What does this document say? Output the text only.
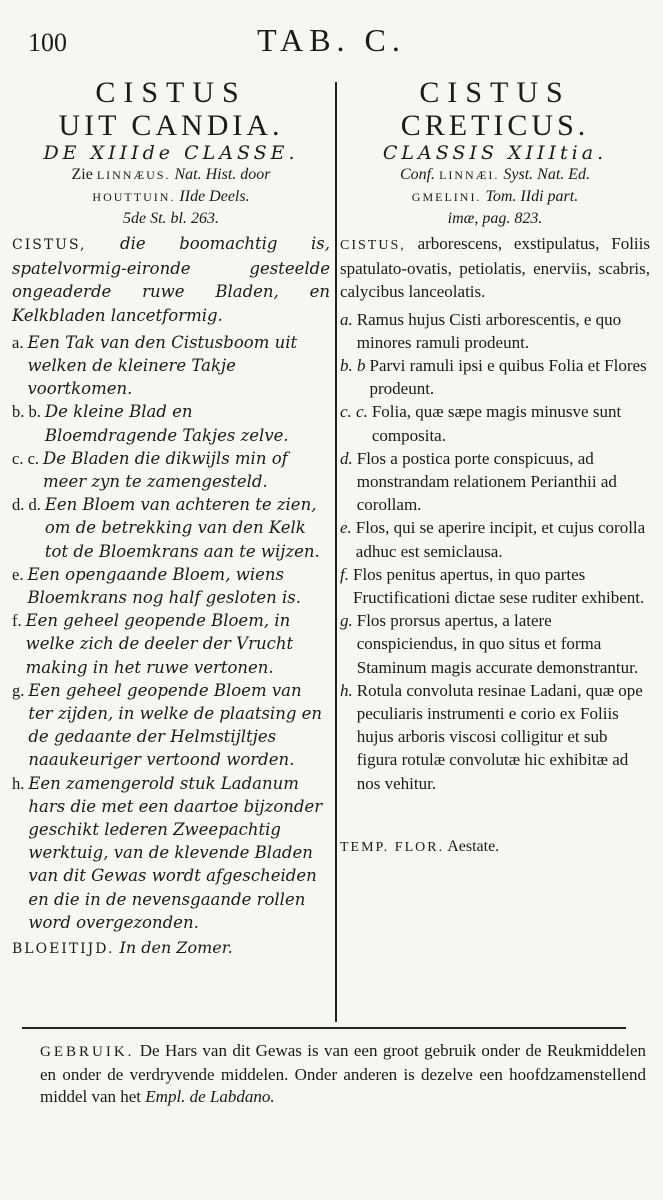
100	TAB. C.
CISTUS
UIT CANDIA.
DE XIIIde CLASSE.
Zie LINNÆUS. Nat. Hist. door
HOUTTUIN. IIde Deels.
5de St. bl. 263.

CISTUS, die boomachtig is, spatelvormig-eironde gesteelde ongeaderde ruwe Bladen, en Kelkbladen lancetformig.

a. Een Tak van den Cistusboom uit welken de kleinere Takje voortkomen.
b. b. De kleine Blad en Bloemdragende Takjes zelve.
c. c. De Bladen die dikwijls min of meer zyn te zamengesteld.
d. d. Een Bloem van achteren te zien, om de betrekking van den Kelk tot de Bloemkrans aan te wijzen.
e. Een opengaande Bloem, wiens Bloemkrans nog half gesloten is.
f. Een geheel geopende Bloem, in welke zich de deeler der Vrucht making in het ruwe vertonen.
g. Een geheel geopende Bloem van ter zijden, in welke de plaatsing en de gedaante der Helmstijltjes naaukeuriger vertoond worden.
h. Een zamengerold stuk Ladanum hars die met een daartoe bijzonder geschikt lederen Zweepachtig werktuig, van de klevende Bladen van dit Gewas wordt afgescheiden en die in de nevensgaande rollen word overgezonden.
BLOEITIJD. In den Zomer.
CISTUS
CRETICUS.
CLASSIS XIIItia.
Conf. LINNÆI. Syst. Nat. Ed.
GMELINI. Tom. IIdi part.
imæ, pag. 823.

CISTUS, arborescens, exstipulatus, Foliis spatulato-ovatis, petiolatis, enerviis, scabris, calycibus lanceolatis.

a. Ramus hujus Cisti arborescentis, e quo minores ramuli prodeunt.
b. b Parvi ramuli ipsi e quibus Folia et Flores prodeunt.
c. c. Folia, quæ sæpe magis minusve sunt composita.
d. Flos a postica porte conspicuus, ad monstrandam relationem Perianthii ad corollam.
e. Flos, qui se aperire incipit, et cujus corolla adhuc est semiclausa.
f. Flos penitus apertus, in quo partes Fructificationi dictae sese ruditer exhibent.
g. Flos prorsus apertus, a latere conspiciendus, in quo situs et forma Staminum magis accurate demonstrantur.
h. Rotula convoluta resinae Ladani, quæ ope peculiaris instrumenti e corio ex Foliis hujus arboris viscosi colligitur et sub figura rotulæ convolutæ hic exhibitæ ad nos vehitur.
TEMP. FLOR. Aestate.
GEBRUIK. De Hars van dit Gewas is van een groot gebruik onder de Reukmiddelen en onder de verdryvende middelen. Onder anderen is dezelve een hoofdzamenstellend middel van het Empl. de Labdano.
